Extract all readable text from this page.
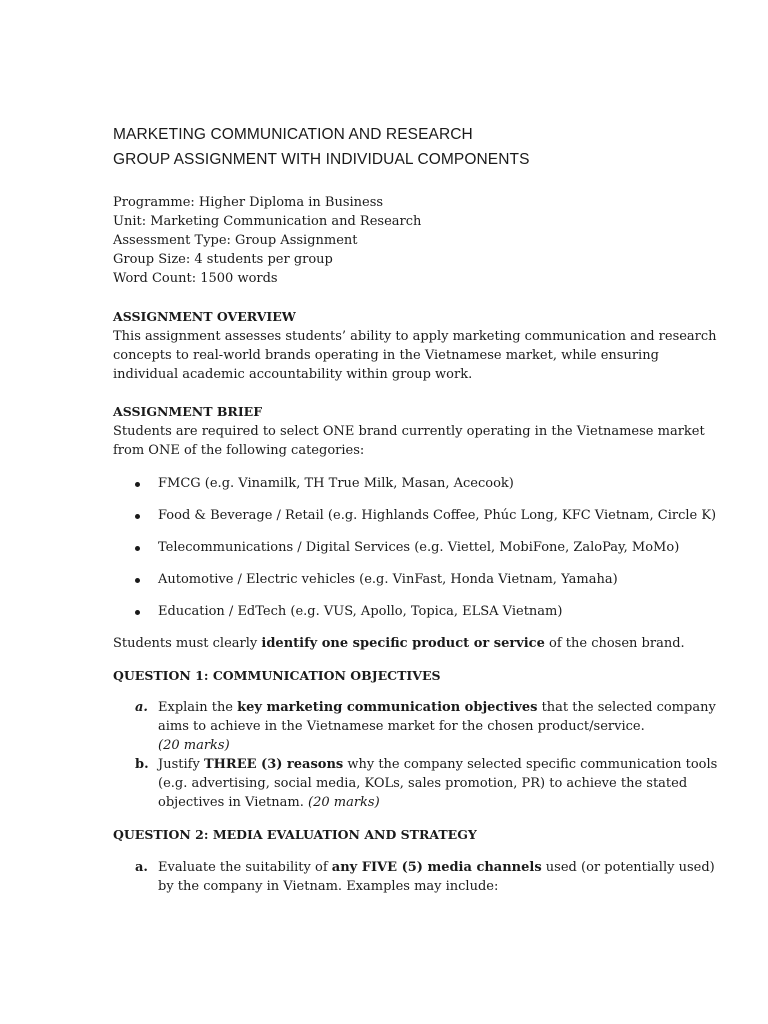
MARKETING COMMUNICATION AND RESEARCH
GROUP ASSIGNMENT WITH INDIVIDUAL COMPONENTS
Programme: Higher Diploma in Business
Unit: Marketing Communication and Research
Assessment Type: Group Assignment
Group Size: 4 students per group
Word Count: 1500 words
ASSIGNMENT OVERVIEW
This assignment assesses students’ ability to apply marketing communication and research
concepts to real-world brands operating in the Vietnamese market, while ensuring
individual academic accountability within group work.
ASSIGNMENT BRIEF
Students are required to select ONE brand currently operating in the Vietnamese market
from ONE of the following categories:
FMCG (e.g. Vinamilk, TH True Milk, Masan, Acecook)
Food & Beverage / Retail (e.g. Highlands Coffee, Phúc Long, KFC Vietnam, Circle K)
Telecommunications / Digital Services (e.g. Viettel, MobiFone, ZaloPay, MoMo)
Automotive / Electric vehicles (e.g. VinFast, Honda Vietnam, Yamaha)
Education / EdTech (e.g. VUS, Apollo, Topica, ELSA Vietnam)
Students must clearly identify one specific product or service of the chosen brand.
QUESTION 1: COMMUNICATION OBJECTIVES
a. Explain the key marketing communication objectives that the selected company
aims to achieve in the Vietnamese market for the chosen product/service.
(20 marks)
b. Justify THREE (3) reasons why the company selected specific communication tools
(e.g. advertising, social media, KOLs, sales promotion, PR) to achieve the stated
objectives in Vietnam. (20 marks)
QUESTION 2: MEDIA EVALUATION AND STRATEGY
a. Evaluate the suitability of any FIVE (5) media channels used (or potentially used)
by the company in Vietnam. Examples may include:
